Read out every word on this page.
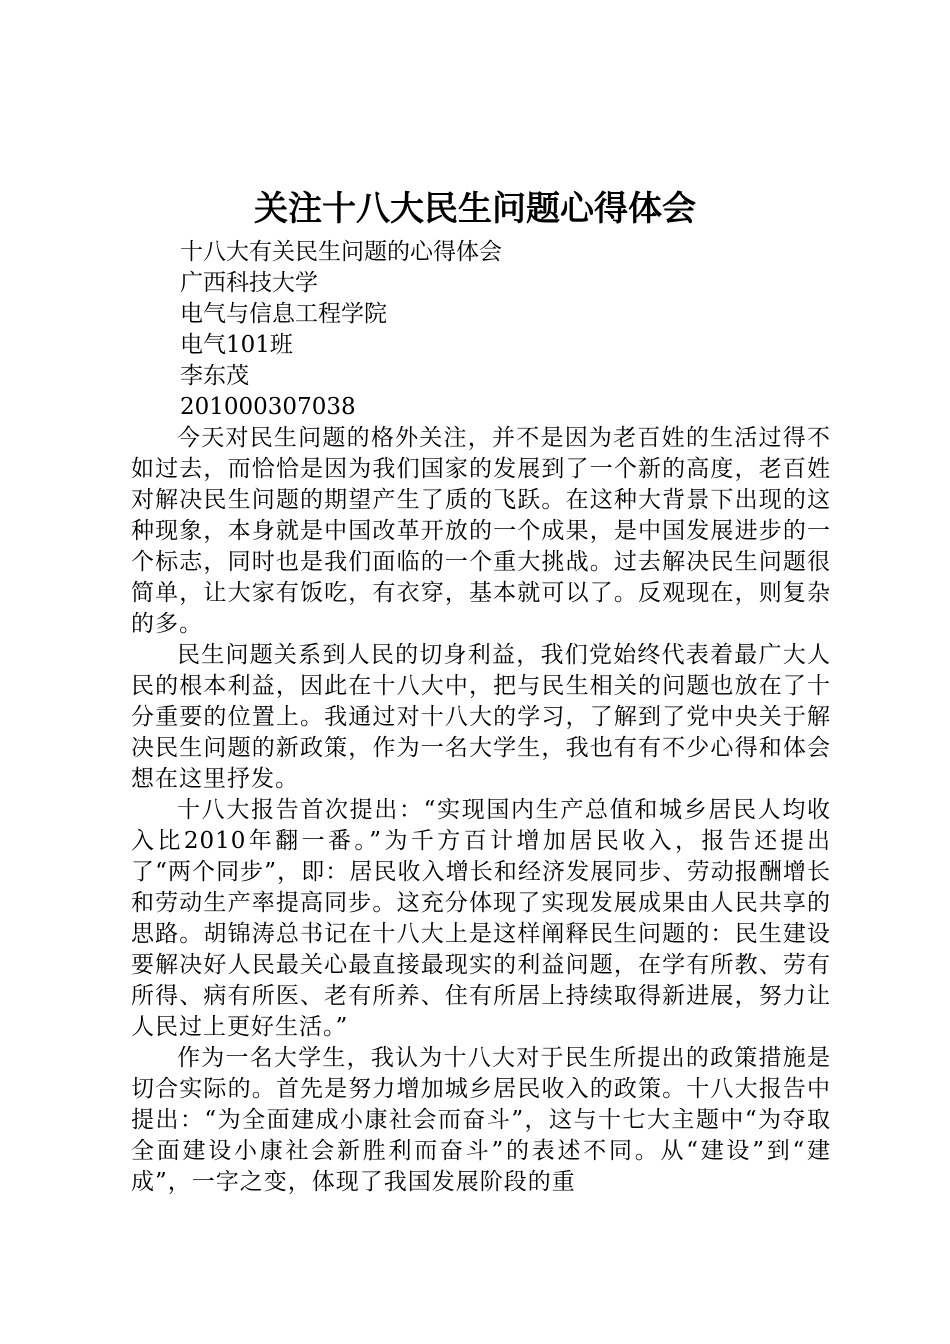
关注十八大民生问题心得体会
十八大有关民生问题的心得体会
广西科技大学
电气与信息工程学院
电气101班
李东茂
201000307038

今天对民生问题的格外关注，并不是因为老百姓的生活过得不如过去，而恰恰是因为我们国家的发展到了一个新的高度，老百姓对解决民生问题的期望产生了质的飞跃。在这种大背景下出现的这种现象，本身就是中国改革开放的一个成果，是中国发展进步的一个标志，同时也是我们面临的一个重大挑战。过去解决民生问题很简单，让大家有饭吃，有衣穿，基本就可以了。反观现在，则复杂的多。

民生问题关系到人民的切身利益，我们党始终代表着最广大人民的根本利益，因此在十八大中，把与民生相关的问题也放在了十分重要的位置上。我通过对十八大的学习，了解到了党中央关于解决民生问题的新政策，作为一名大学生，我也有有不少心得和体会想在这里抒发。

十八大报告首次提出：“实现国内生产总值和城乡居民人均收入比2010年翻一番。”为千方百计增加居民收入，报告还提出了“两个同步”，即：居民收入增长和经济发展同步、劳动报酬增长和劳动生产率提高同步。这充分体现了实现发展成果由人民共享的思路。胡锦涛总书记在十八大上是这样阐释民生问题的：民生建设要解决好人民最关心最直接最现实的利益问题，在学有所教、劳有所得、病有所医、老有所养、住有所居上持续取得新进展，努力让人民过上更好生活。”

作为一名大学生，我认为十八大对于民生所提出的政策措施是切合实际的。首先是努力增加城乡居民收入的政策。十八大报告中提出：“为全面建成小康社会而奋斗”，这与十七大主题中“为夺取全面建设小康社会新胜利而奋斗”的表述不同。从“建设”到“建成”，一字之变，体现了我国发展阶段的重
